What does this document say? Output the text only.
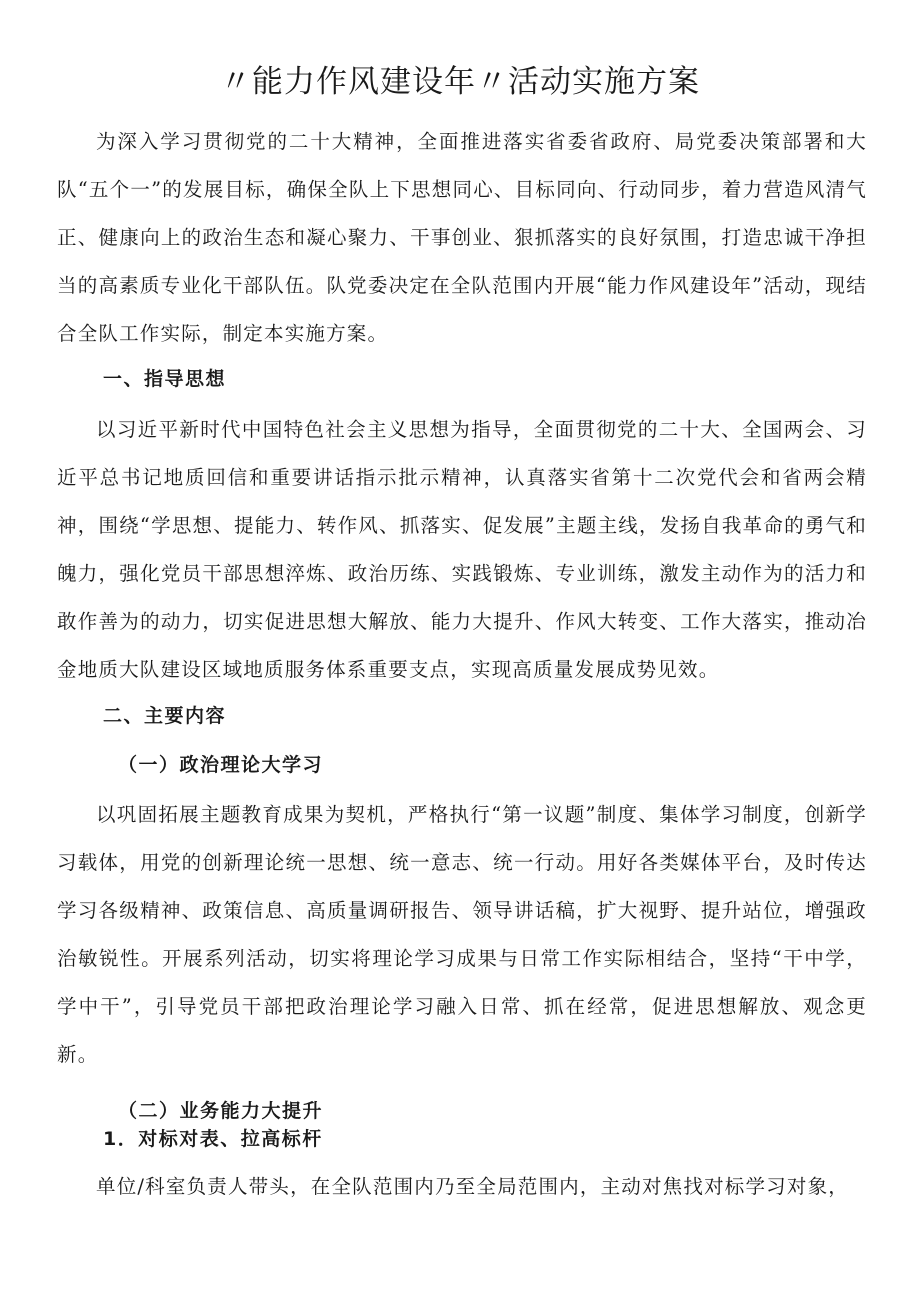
〃能力作风建设年〃活动实施方案

为深入学习贯彻党的二十大精神，全面推进落实省委省政府、局党委决策部署和大队“五个一”的发展目标，确保全队上下思想同心、目标同向、行动同步，着力营造风清气正、健康向上的政治生态和凝心聚力、干事创业、狠抓落实的良好氛围，打造忠诚干净担当的高素质专业化干部队伍。队党委决定在全队范围内开展“能力作风建设年”活动，现结合全队工作实际，制定本实施方案。

一、指导思想

以习近平新时代中国特色社会主义思想为指导，全面贯彻党的二十大、全国两会、习近平总书记地质回信和重要讲话指示批示精神，认真落实省第十二次党代会和省两会精神，围绕“学思想、提能力、转作风、抓落实、促发展”主题主线，发扬自我革命的勇气和魄力，强化党员干部思想淬炼、政治历练、实践锻炼、专业训练，激发主动作为的活力和敢作善为的动力，切实促进思想大解放、能力大提升、作风大转变、工作大落实，推动冶金地质大队建设区域地质服务体系重要支点，实现高质量发展成势见效。

二、主要内容
（一）政治理论大学习

以巩固拓展主题教育成果为契机，严格执行“第一议题”制度、集体学习制度，创新学习载体，用党的创新理论统一思想、统一意志、统一行动。用好各类媒体平台，及时传达学习各级精神、政策信息、高质量调研报告、领导讲话稿，扩大视野、提升站位，增强政治敏锐性。开展系列活动，切实将理论学习成果与日常工作实际相结合，坚持“干中学，学中干”，引导党员干部把政治理论学习融入日常、抓在经常，促进思想解放、观念更新。

（二）业务能力大提升
1．对标对表、拉高标杆

单位/科室负责人带头，在全队范围内乃至全局范围内，主动对焦找对标学习对象，
